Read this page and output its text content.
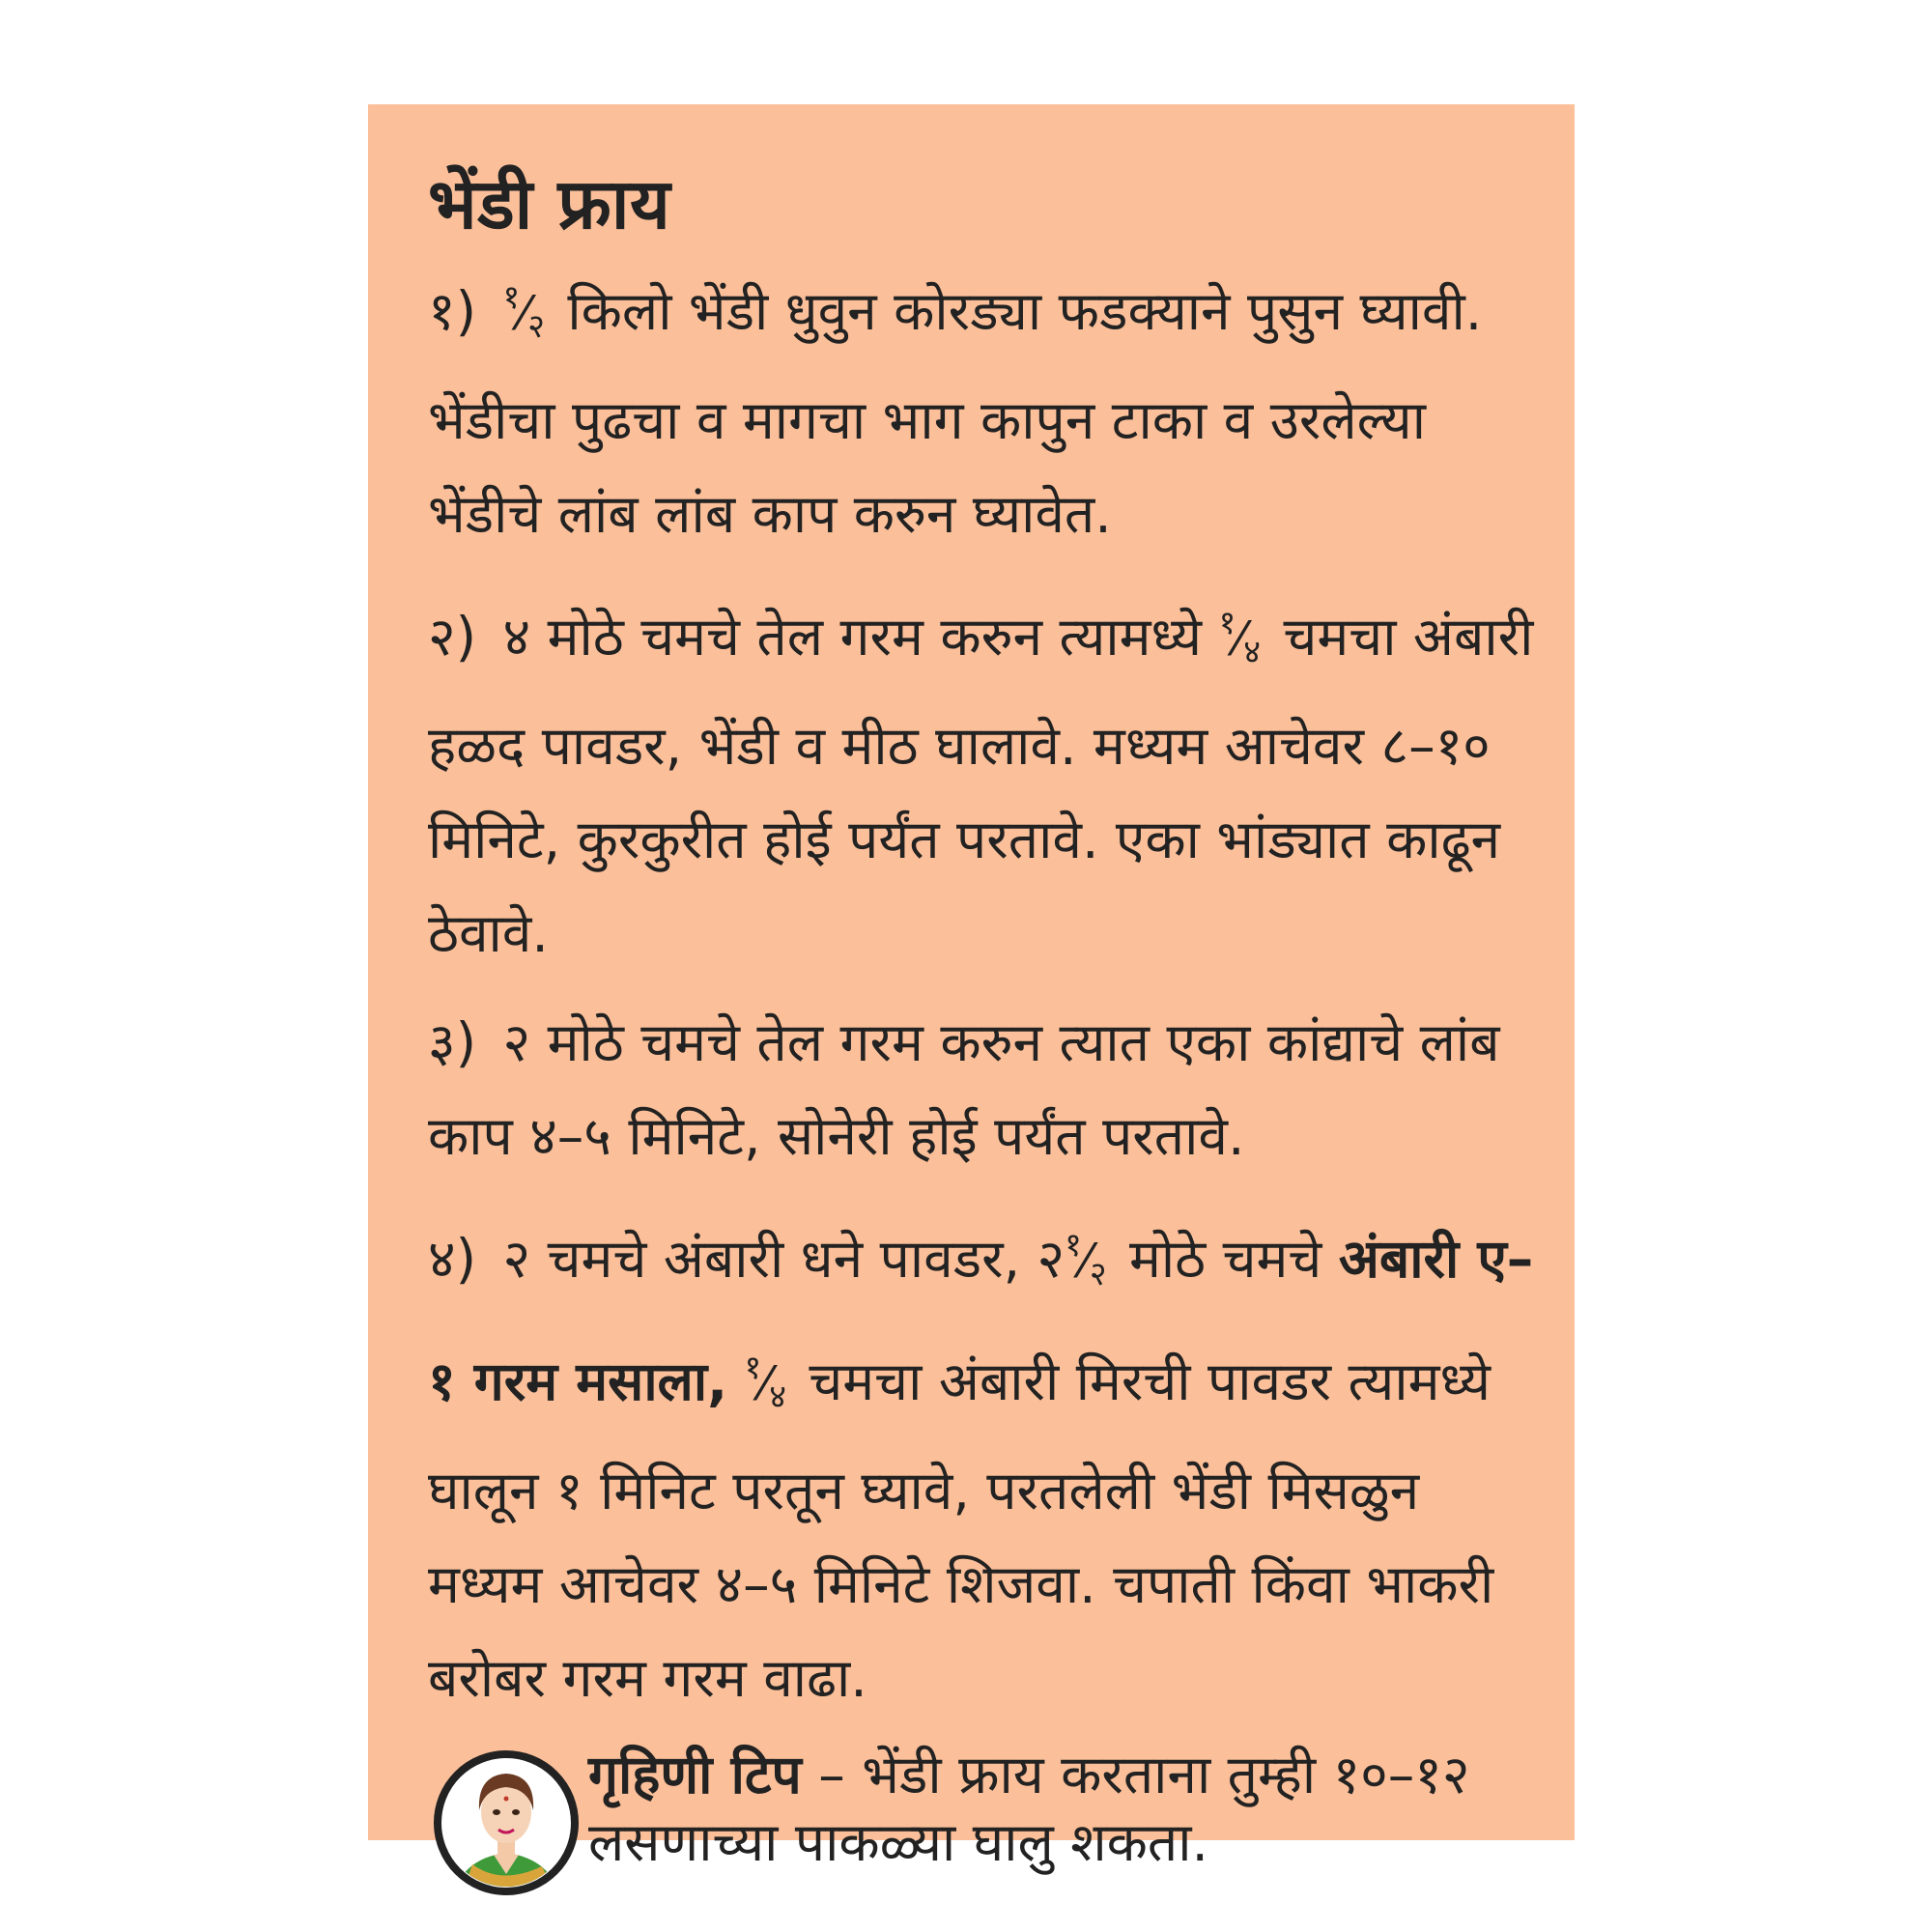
भेंडी फ्राय

१) $^१⁄_२$ किलो भेंडी धुवुन कोरड्या फडक्याने पुसुन घ्यावी. भेंडीचा पुढचा व मागचा भाग कापुन टाका व उरलेल्या भेंडीचे लांब लांब काप करुन घ्यावेत.

२) ४ मोठे चमचे तेल गरम करुन त्यामध्ये $^१⁄_४$ चमचा अंबारी हळद पावडर, भेंडी व मीठ घालावे. मध्यम आचेवर ८–१० मिनिटे, कुरकुरीत होई पर्यंत परतावे. एका भांड्यात काढून ठेवावे.

३) २ मोठे चमचे तेल गरम करुन त्यात एका कांद्याचे लांब काप ४–५ मिनिटे, सोनेरी होई पर्यंत परतावे.

४) २ चमचे अंबारी धने पावडर, $२^१⁄_२$ मोठे चमचे अंबारी ए–१ गरम मसाला, $^१⁄_४$ चमचा अंबारी मिरची पावडर त्यामध्ये घालून १ मिनिट परतून घ्यावे, परतलेली भेंडी मिसळुन मध्यम आचेवर ४–५ मिनिटे शिजवा. चपाती किंवा भाकरी बरोबर गरम गरम वाढा.

गृहिणी टिप – भेंडी फ्राय करताना तुम्ही १०–१२ लसणाच्या पाकळ्या घालु शकता.
